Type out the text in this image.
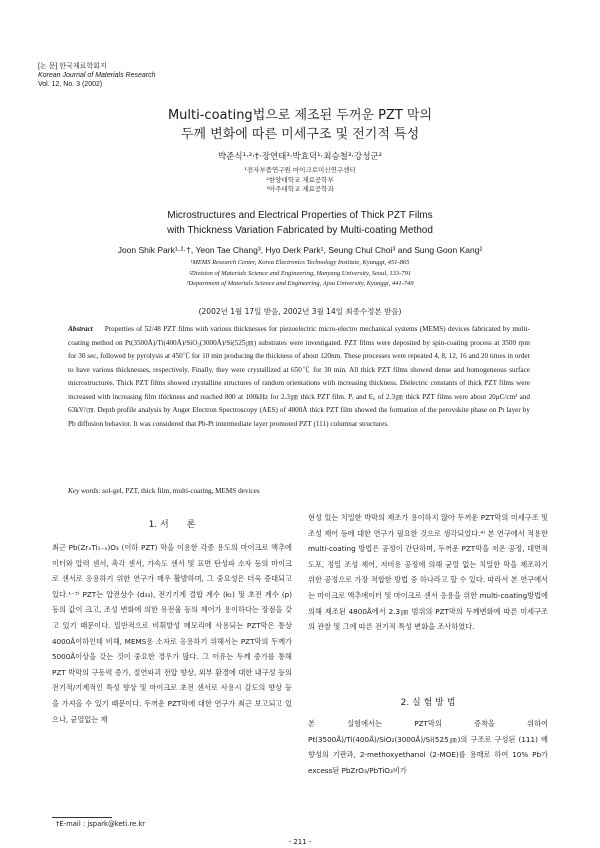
[논 문] 한국재료학회지
Korean Journal of Materials Research
Vol. 12, No. 3 (2002)
Multi-coating법으로 제조된 두꺼운 PZT 막의
두께 변화에 따른 미세구조 및 전기적 특성
박준식¹·²·†·장연태³·박효덕¹·최승철³·강성군²
¹전자부품연구원 마이크로미신연구센터
²한양대학교 재료공학부
³아주대학교 재료공학과
Microstructures and Electrical Properties of Thick PZT Films
with Thickness Variation Fabricated by Multi-coating Method
Joon Shik Park¹·²·†, Yeon Tae Chang³, Hyo Derk Park¹, Seung Chul Choi³ and Sung Goon Kang²
¹MEMS Research Center, Korea Electronics Technology Institute, Kyunggi, 451-865
²Division of Materials Science and Engineering, Hanyang University, Seoul, 133-791
³Department of Materials Science and Engineering, Ajou University, Kyunggi, 441-749
(2002년 1월 17일 받음, 2002년 3월 14일 최종수정본 받음)
Abstract Properties of 52/48 PZT films with various thicknesses for piezoelectric micro-electro mechanical systems (MEMS) devices fabricated by multi-coating method on Pt(3500Å)/Ti(400Å)/SiO₂(3000Å)/Si(525㎛) substrates were investigated. PZT films were deposited by spin-coating process at 3500 rpm for 30 sec, followed by pyrolysis at 450℃ for 10 min producing the thickness of about 120nm. These processes were repeated 4, 8, 12, 16 and 20 times in order to have various thicknesses, respectively. Finally, they were crystallized at 650℃ for 30 min. All thick PZT films showed dense and homogeneous surface microstructures. Thick PZT films showed crystalline structures of random orientations with increasing thickness. Dielectric constants of thick PZT films were increased with increasing film thickness and reached 800 at 100kHz for 2.3㎛ thick PZT film. Pᵣ and E꜀ of 2.3㎛ thick PZT films were about 20μC/cm² and 63kV/㎝. Depth profile analysis by Auger Electron Spectroscopy (AES) of 4800Å thick PZT film showed the formation of the perovskite phase on Pt layer by Pb diffusion behavior. It was considered that Pb-Pt intermediate layer promoted PZT (111) columnar structures.
Key words: sol-gel, PZT, thick film, multi-coating, MEMS devices
1. 서　　론
최근 Pb(ZrₓTi₁₋ₓ)O₃ (이하 PZT) 막을 이용한 각종 용도의 마이크로 액추에이터와 압력 센서, 촉각 센서, 가속도 센서 및 표면 탄성파 소자 등의 마이크로 센서로 응용하기 위한 연구가 매우 활발하며, 그 중요성은 더욱 증대되고 있다.¹⁻³⁾ PZT는 압전상수 (d₃₃), 전기기계 결합 계수 (kₜ) 및 초전 계수 (p) 등의 값이 크고, 조성 변화에 의한 유전율 등의 제어가 용이하다는 장점을 갖고 있기 때문이다. 일반적으로 비휘발성 메모리에 사용되는 PZT막은 통상 4000Å이하인데 비해, MEMS용 소자로 응용하기 위해서는 PZT막의 두께가 5000Å이상을 갖는 것이 중요한 경우가 많다. 그 이유는 두께 증가를 통해 PZT 박막의 구동력 증가, 절연파괴 전압 향상, 외부 환경에 대한 내구성 등의 전기적/기계적인 특성 향상 및 마이크로 초전 센서로 사용시 감도의 향상 등을 가져올 수 있기 때문이다. 두꺼운 PZT막에 대한 연구가 최근 보고되고 있으나, 균열없는 재
현성 있는 치밀한 박막의 제조가 용이하지 않아 두꺼운 PZT막의 미세구조 및 조성 제어 등에 대한 연구가 필요한 것으로 생각되었다.⁴⁾ 본 연구에서 적용한 multi-coating 방법은 공정이 간단하며, 두꺼운 PZT막을 저온 공정, 대면적 도포, 정밀 조성 제어, 저비용 공정에 의해 균열 없는 치밀한 막을 제조하기 위한 공정으로 가장 적합한 방법 중 하나라고 할 수 있다. 따라서 본 연구에서는 마이크로 액추에이터 및 마이크로 센서 응용을 위한 multi-coating방법에 의해 제조된 4800Å에서 2.3㎛ 범위의 PZT막의 두께변화에 따른 미세구조의 관찰 및 그에 따른 전기적 특성 변화을 조사하였다.
2. 실 험 방 법
본 실험에서는 PZT막의 증착을 위하여 Pt(3500Å)/Ti(400Å)/SiO₂(3000Å)/Si(525㎛)의 구조로 구성된 (111) 배향성의 기판과, 2-methoxyethanol (2-MOE)를 용매로 하여 10% Pb가 excess된 PbZrO₃/PbTiO₃비가
†E-mail : jspark@keti.re.kr
- 211 -
